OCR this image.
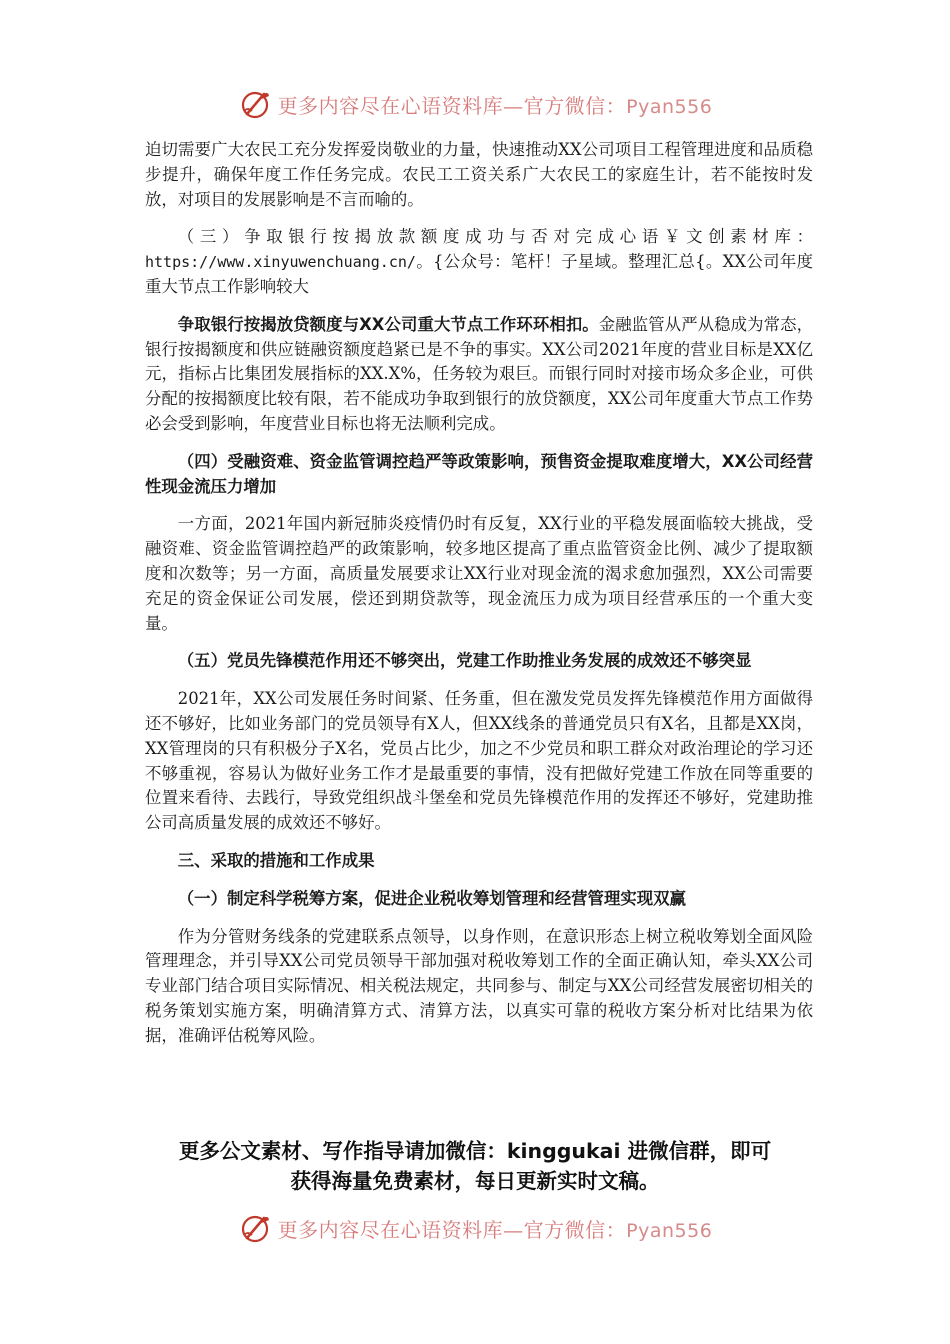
更多内容尽在心语资料库—官方微信：Pyan556

迫切需要广大农民工充分发挥爱岗敬业的力量，快速推动XX公司项目工程管理进度和品质稳步提升，确保年度工作任务完成。农民工工资关系广大农民工的家庭生计，若不能按时发放，对项目的发展影响是不言而喻的。

（三）争取银行按揭放款额度成功与否对完成心语￥文创素材库：https://www.xinyuwenchuang.cn/。{公众号：笔杆！子星域。整理汇总{。XX公司年度重大节点工作影响较大

争取银行按揭放贷额度与XX公司重大节点工作环环相扣。金融监管从严从稳成为常态，银行按揭额度和供应链融资额度趋紧已是不争的事实。XX公司2021年度的营业目标是XX亿元，指标占比集团发展指标的XX.X%，任务较为艰巨。而银行同时对接市场众多企业，可供分配的按揭额度比较有限，若不能成功争取到银行的放贷额度，XX公司年度重大节点工作势必会受到影响，年度营业目标也将无法顺利完成。

（四）受融资难、资金监管调控趋严等政策影响，预售资金提取难度增大，XX公司经营性现金流压力增加

一方面，2021年国内新冠肺炎疫情仍时有反复，XX行业的平稳发展面临较大挑战，受融资难、资金监管调控趋严的政策影响，较多地区提高了重点监管资金比例、减少了提取额度和次数等；另一方面，高质量发展要求让XX行业对现金流的渴求愈加强烈，XX公司需要充足的资金保证公司发展，偿还到期贷款等，现金流压力成为项目经营承压的一个重大变量。

（五）党员先锋模范作用还不够突出，党建工作助推业务发展的成效还不够突显

2021年，XX公司发展任务时间紧、任务重，但在激发党员发挥先锋模范作用方面做得还不够好，比如业务部门的党员领导有X人，但XX线条的普通党员只有X名，且都是XX岗，XX管理岗的只有积极分子X名，党员占比少，加之不少党员和职工群众对政治理论的学习还不够重视，容易认为做好业务工作才是最重要的事情，没有把做好党建工作放在同等重要的位置来看待、去践行，导致党组织战斗堡垒和党员先锋模范作用的发挥还不够好，党建助推公司高质量发展的成效还不够好。

三、采取的措施和工作成果

（一）制定科学税筹方案，促进企业税收筹划管理和经营管理实现双赢

作为分管财务线条的党建联系点领导，以身作则，在意识形态上树立税收筹划全面风险管理理念，并引导XX公司党员领导干部加强对税收筹划工作的全面正确认知，牵头XX公司专业部门结合项目实际情况、相关税法规定，共同参与、制定与XX公司经营发展密切相关的税务策划实施方案，明确清算方式、清算方法，以真实可靠的税收方案分析对比结果为依据，准确评估税筹风险。

更多公文素材、写作指导请加微信：kinggukai 进微信群，即可
获得海量免费素材，每日更新实时文稿。
更多内容尽在心语资料库—官方微信：Pyan556
